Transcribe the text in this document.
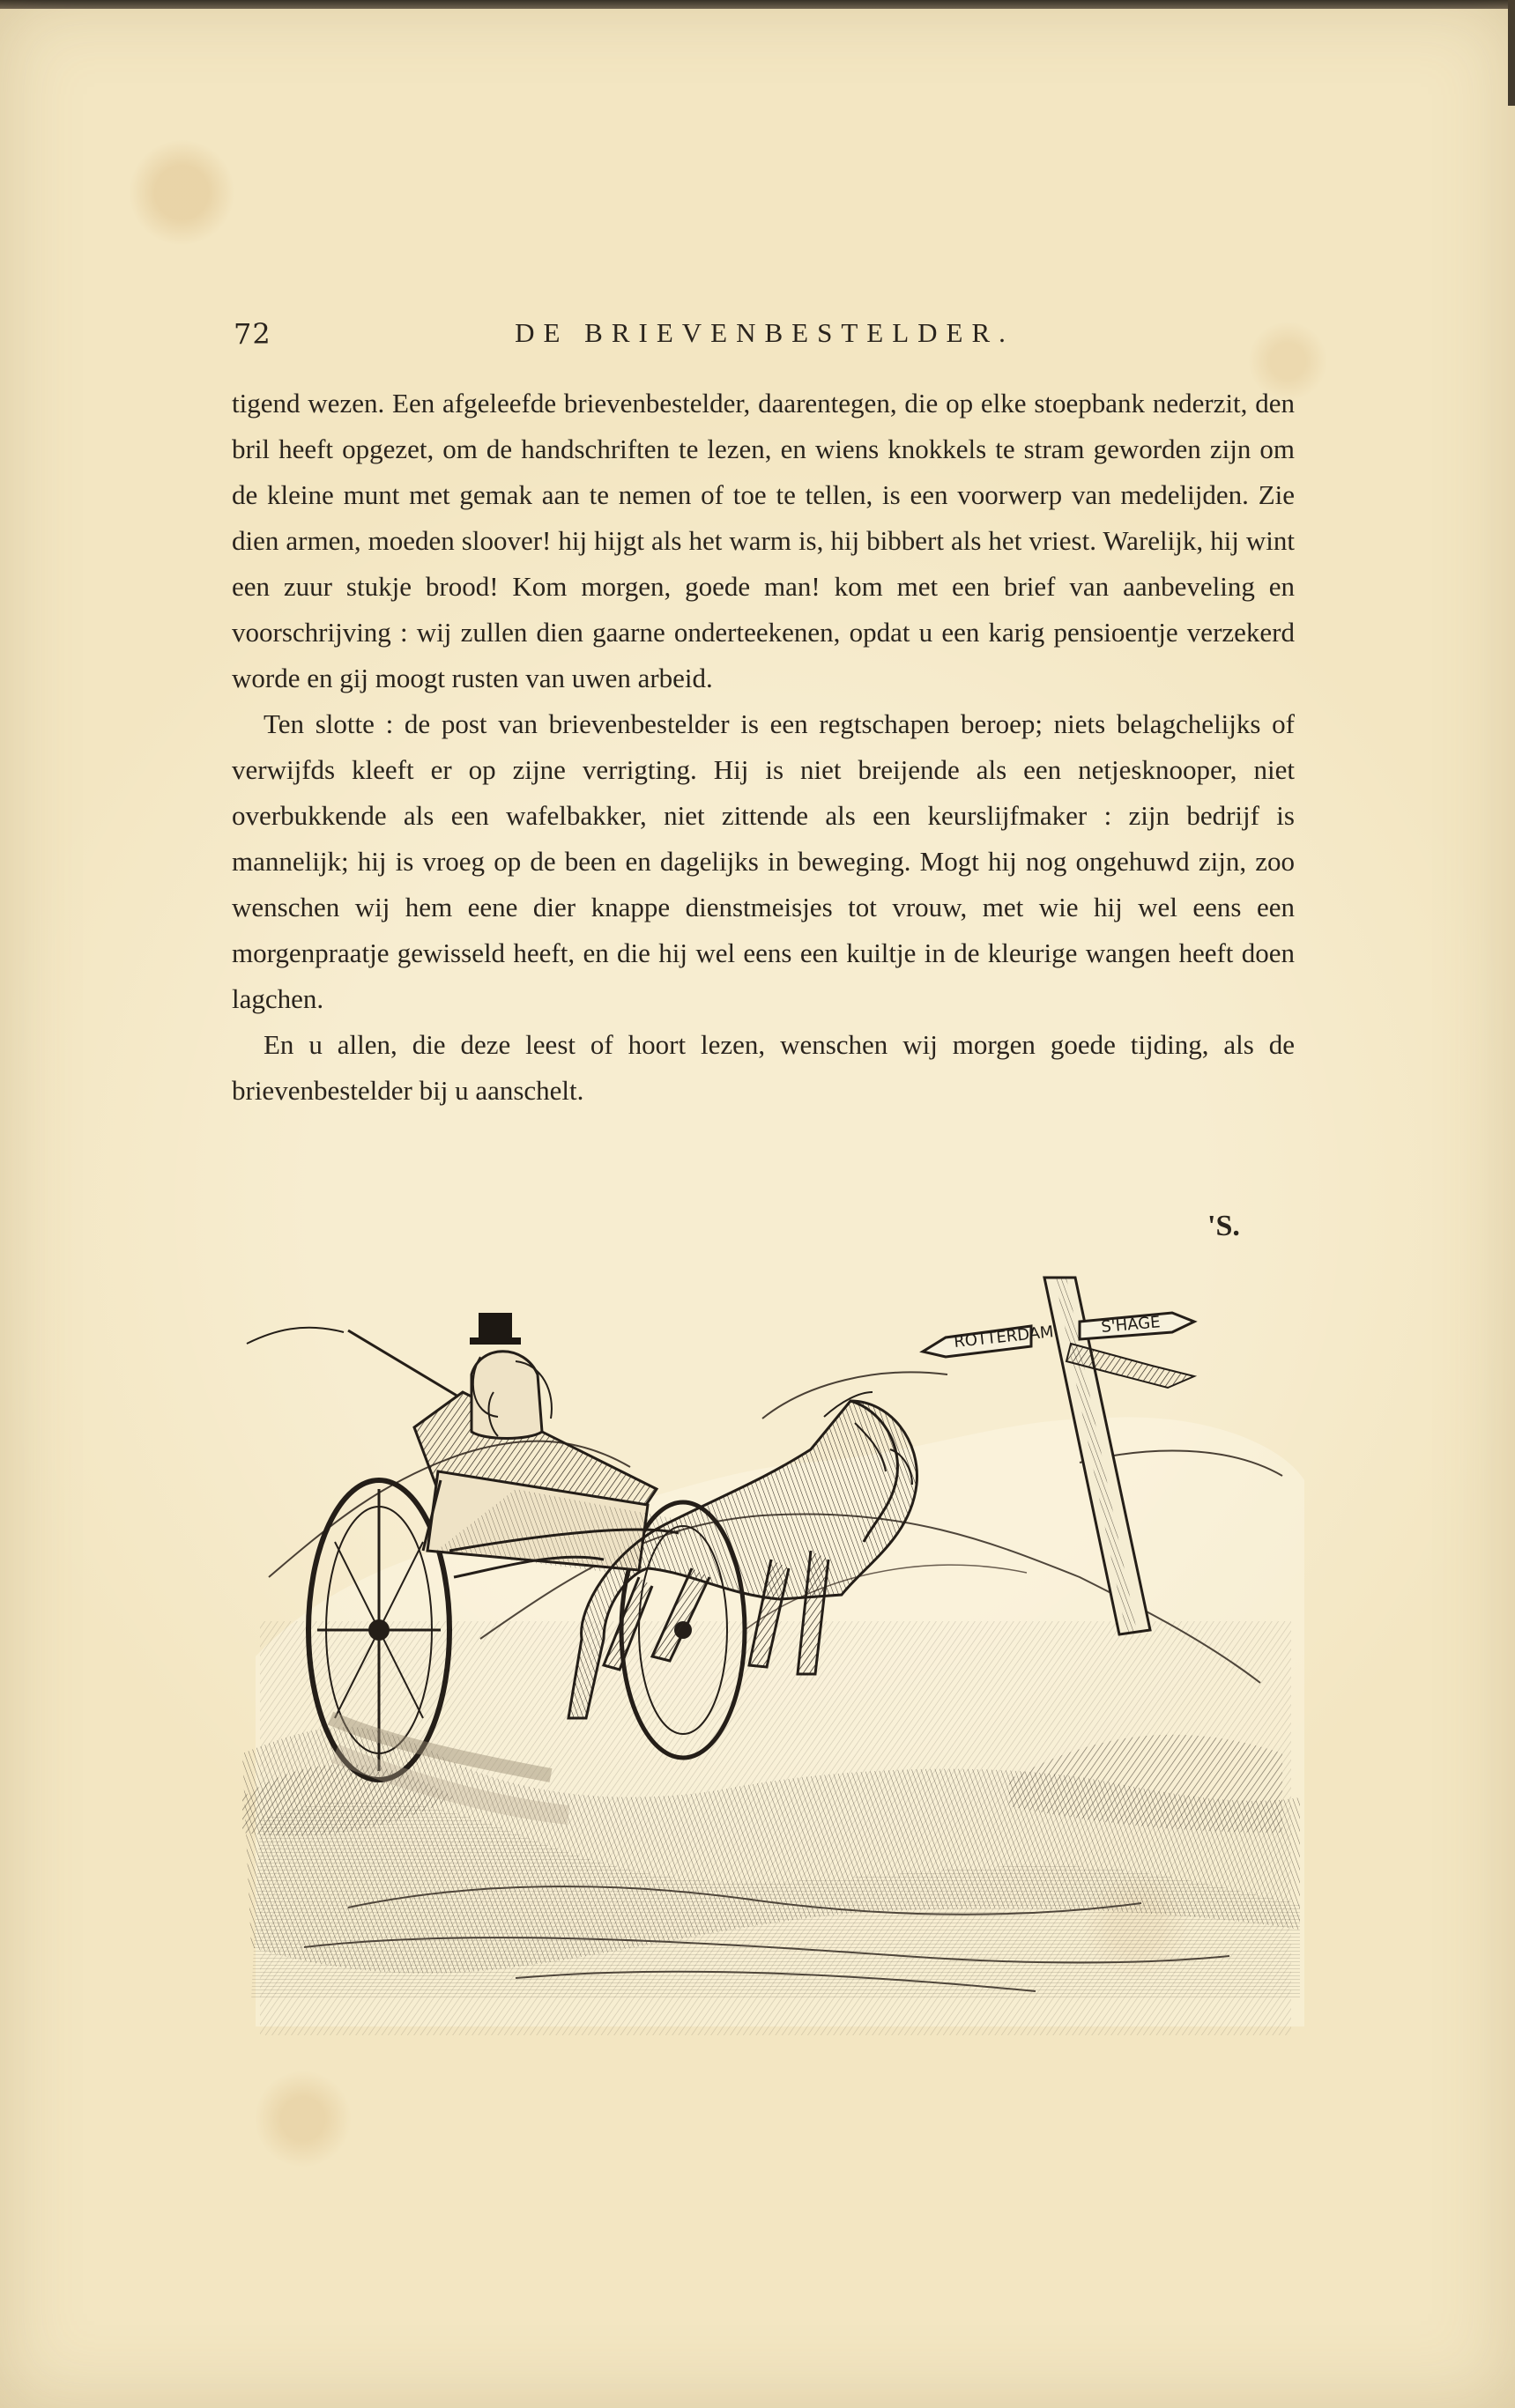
72	DE BRIEVENBESTELDER.

tigend wezen. Een afgeleefde brievenbestelder, daarentegen, die op elke stoepbank nederzit, den bril heeft opgezet, om de handschriften te lezen, en wiens knokkels te stram geworden zijn om de kleine munt met gemak aan te nemen of toe te tellen, is een voorwerp van medelijden. Zie dien armen, moeden sloover! hij hijgt als het warm is, hij bibbert als het vriest. Warelijk, hij wint een zuur stukje brood! Kom morgen, goede man! kom met een brief van aanbeveling en voorschrijving : wij zullen dien gaarne onderteekenen, opdat u een karig pensioentje verzekerd worde en gij moogt rusten van uwen arbeid.

Ten slotte : de post van brievenbestelder is een regtschapen beroep; niets belagchelijks of verwijfds kleeft er op zijne verrigting. Hij is niet breijende als een netjesknooper, niet overbukkende als een wafelbakker, niet zittende als een keurslijfmaker : zijn bedrijf is mannelijk; hij is vroeg op de been en dagelijks in beweging. Mogt hij nog ongehuwd zijn, zoo wenschen wij hem eene dier knappe dienstmeisjes tot vrouw, met wie hij wel eens een morgenpraatje gewisseld heeft, en die hij wel eens een kuiltje in de kleurige wangen heeft doen lagchen.

En u allen, die deze leest of hoort lezen, wenschen wij morgen goede tijding, als de brievenbestelder bij u aanschelt.

'S.
ROTTERDAM	S'HAGE
